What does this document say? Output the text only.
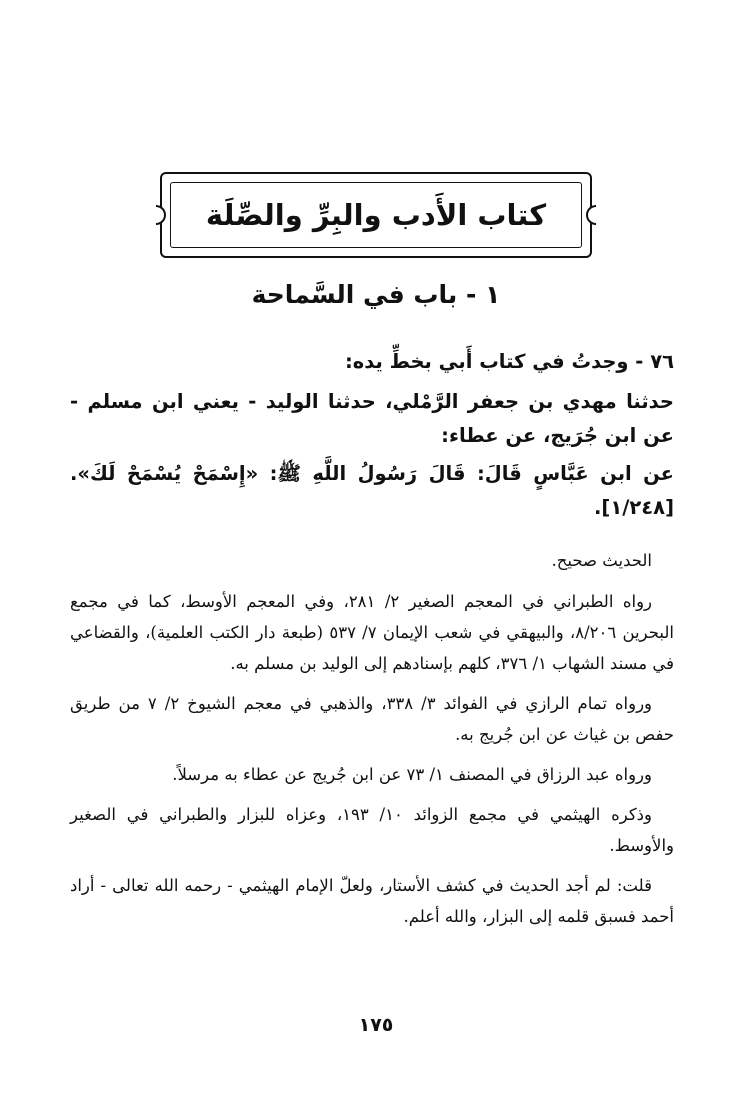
كتاب الأَدب والبِرِّ والصِّلَة
١ - باب في السَّماحة

٧٦ - وجدتُ في كتاب أَبي بخطِّ يده:

حدثنا مهدي بن جعفر الرَّمْلي، حدثنا الوليد - يعني ابن مسلم - عن ابن جُرَيج، عن عطاء:

عن ابن عَبَّاسٍ قَالَ: قَالَ رَسُولُ اللَّهِ ﷺ: «إِسْمَحْ يُسْمَحْ لَكَ». [١/٢٤٨].

الحديث صحيح.

رواه الطبراني في المعجم الصغير ٢/ ٢٨١، وفي المعجم الأوسط، كما في مجمع البحرين ٨/٢٠٦، والبيهقي في شعب الإيمان ٧/ ٥٣٧ (طبعة دار الكتب العلمية)، والقضاعي في مسند الشهاب ١/ ٣٧٦، كلهم بإسنادهم إلى الوليد بن مسلم به.

ورواه تمام الرازي في الفوائد ٣/ ٣٣٨، والذهبي في معجم الشيوخ ٢/ ٧ من طريق حفص بن غياث عن ابن جُريج به.

ورواه عبد الرزاق في المصنف ١/ ٧٣ عن ابن جُريج عن عطاء به مرسلاً.

وذكره الهيثمي في مجمع الزوائد ١٠/ ١٩٣، وعزاه للبزار والطبراني في الصغير والأوسط.

قلت: لم أجد الحديث في كشف الأستار، ولعلّ الإمام الهيثمي - رحمه الله تعالى - أراد أحمد فسبق قلمه إلى البزار، والله أعلم.

١٧٥
